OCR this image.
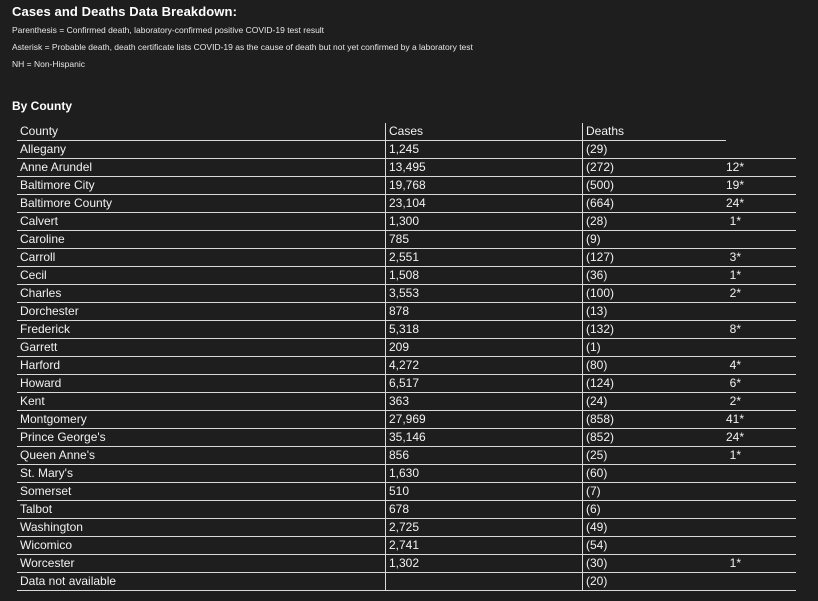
Cases and Deaths Data Breakdown:
Parenthesis = Confirmed death, laboratory-confirmed positive COVID-19 test result
Asterisk = Probable death, death certificate lists COVID-19 as the cause of death but not yet confirmed by a laboratory test
NH = Non-Hispanic
By County
County	Cases	Deaths	
Allegany	1,245	(29)	
Anne Arundel	13,495	(272)	12*
Baltimore City	19,768	(500)	19*
Baltimore County	23,104	(664)	24*
Calvert	1,300	(28)	1*
Caroline	785	(9)	
Carroll	2,551	(127)	3*
Cecil	1,508	(36)	1*
Charles	3,553	(100)	2*
Dorchester	878	(13)	
Frederick	5,318	(132)	8*
Garrett	209	(1)	
Harford	4,272	(80)	4*
Howard	6,517	(124)	6*
Kent	363	(24)	2*
Montgomery	27,969	(858)	41*
Prince George's	35,146	(852)	24*
Queen Anne's	856	(25)	1*
St. Mary's	1,630	(60)	
Somerset	510	(7)	
Talbot	678	(6)	
Washington	2,725	(49)	
Wicomico	2,741	(54)	
Worcester	1,302	(30)	1*
Data not available		(20)	
